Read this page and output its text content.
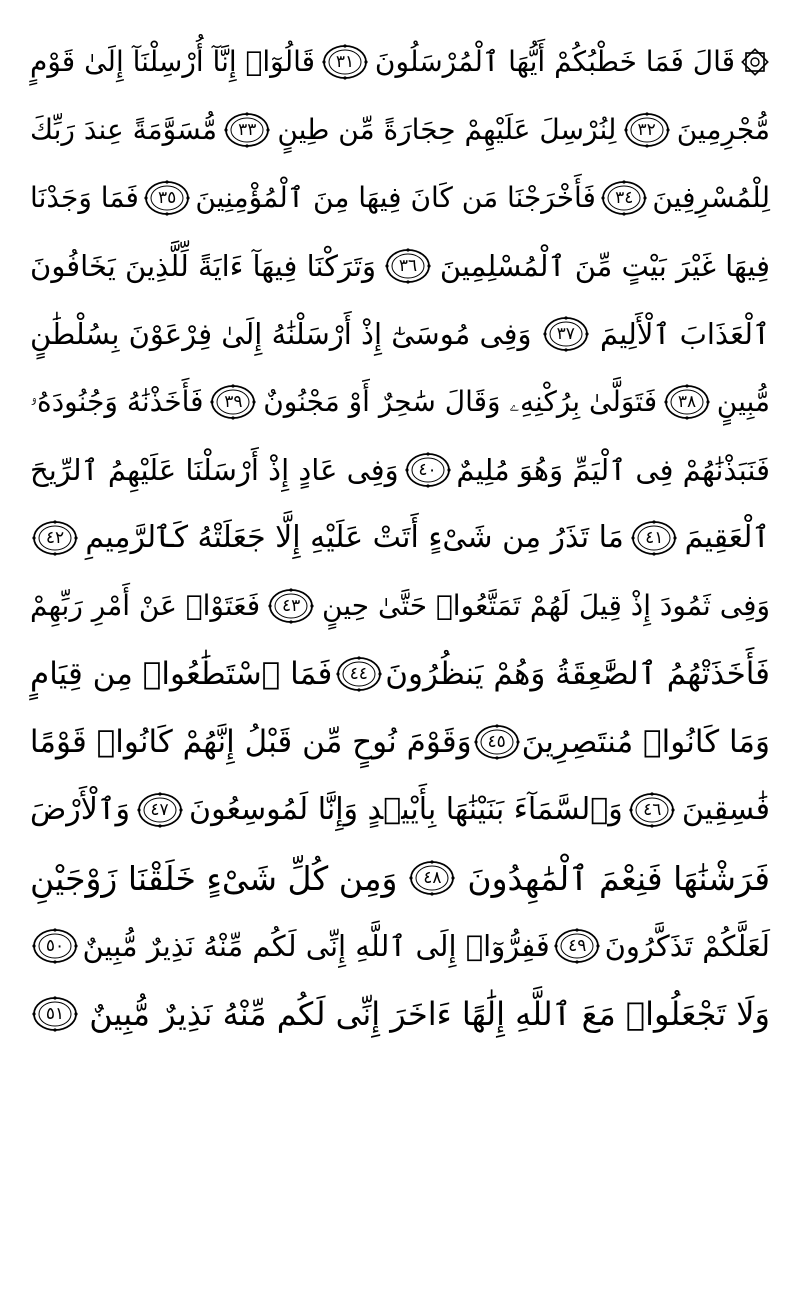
قَالَ فَمَا خَطْبُكُمْ أَيُّهَا ٱلْمُرْسَلُونَ
٣١
قَالُوٓا۟ إِنَّآ أُرْسِلْنَآ إِلَىٰ قَوْمٍ
مُّجْرِمِينَ
٣٢
لِنُرْسِلَ عَلَيْهِمْ حِجَارَةً مِّن طِينٍ
٣٣
مُّسَوَّمَةً عِندَ رَبِّكَ
لِلْمُسْرِفِينَ
٣٤
فَأَخْرَجْنَا مَن كَانَ فِيهَا مِنَ ٱلْمُؤْمِنِينَ
٣٥
فَمَا وَجَدْنَا
فِيهَا غَيْرَ بَيْتٍ مِّنَ ٱلْمُسْلِمِينَ
٣٦
وَتَرَكْنَا فِيهَآ ءَايَةً لِّلَّذِينَ يَخَافُونَ
ٱلْعَذَابَ ٱلْأَلِيمَ
٣٧
وَفِى مُوسَىٰٓ إِذْ أَرْسَلْنَٰهُ إِلَىٰ فِرْعَوْنَ بِسُلْطَٰنٍ
مُّبِينٍ
٣٨
فَتَوَلَّىٰ بِرُكْنِهِۦ وَقَالَ سَٰحِرٌ أَوْ مَجْنُونٌ
٣٩
فَأَخَذْنَٰهُ وَجُنُودَهُۥ
فَنَبَذْنَٰهُمْ فِى ٱلْيَمِّ وَهُوَ مُلِيمٌ
٤٠
وَفِى عَادٍ إِذْ أَرْسَلْنَا عَلَيْهِمُ ٱلرِّيحَ
ٱلْعَقِيمَ
٤١
مَا تَذَرُ مِن شَىْءٍ أَتَتْ عَلَيْهِ إِلَّا جَعَلَتْهُ كَٱلرَّمِيمِ
٤٢
وَفِى ثَمُودَ إِذْ قِيلَ لَهُمْ تَمَتَّعُوا۟ حَتَّىٰ حِينٍ
٤٣
فَعَتَوْا۟ عَنْ أَمْرِ رَبِّهِمْ
فَأَخَذَتْهُمُ ٱلصَّٰعِقَةُ وَهُمْ يَنظُرُونَ
٤٤
فَمَا ٱسْتَطَٰعُوا۟ مِن قِيَامٍ
وَمَا كَانُوا۟ مُنتَصِرِينَ
٤٥
وَقَوْمَ نُوحٍ مِّن قَبْلُ إِنَّهُمْ كَانُوا۟ قَوْمًا
فَٰسِقِينَ
٤٦
وَٱلسَّمَآءَ بَنَيْنَٰهَا بِأَيْي۟دٍ وَإِنَّا لَمُوسِعُونَ
٤٧
وَٱلْأَرْضَ
فَرَشْنَٰهَا فَنِعْمَ ٱلْمَٰهِدُونَ
٤٨
وَمِن كُلِّ شَىْءٍ خَلَقْنَا زَوْجَيْنِ
لَعَلَّكُمْ تَذَكَّرُونَ
٤٩
فَفِرُّوٓا۟ إِلَى ٱللَّهِ إِنِّى لَكُم مِّنْهُ نَذِيرٌ مُّبِينٌ
٥٠
وَلَا تَجْعَلُوا۟ مَعَ ٱللَّهِ إِلَٰهًا ءَاخَرَ إِنِّى لَكُم مِّنْهُ نَذِيرٌ مُّبِينٌ
٥١
